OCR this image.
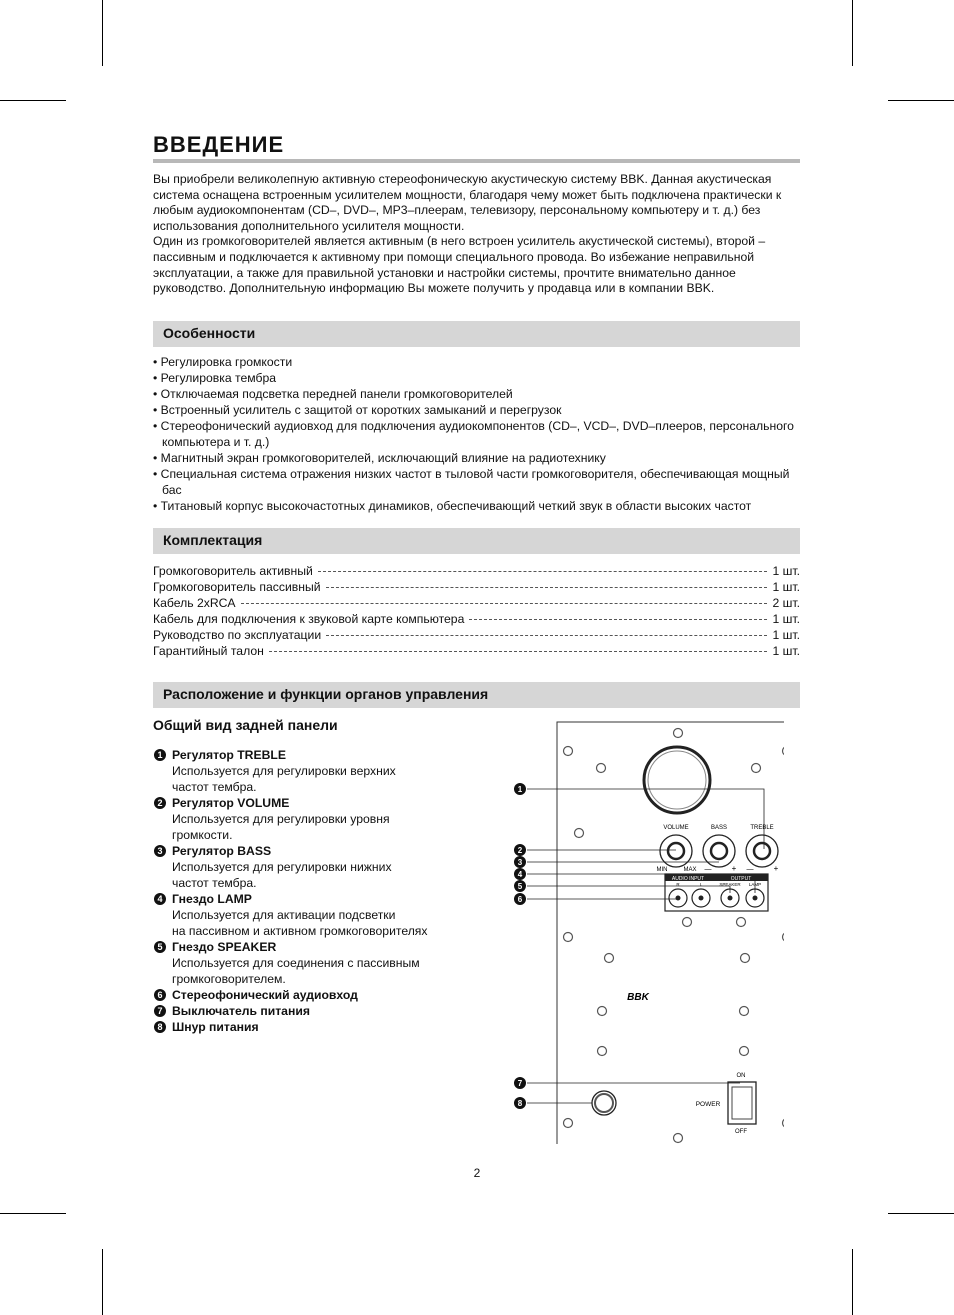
ВВЕДЕНИЕ

Вы приобрели великолепную активную стереофоническую акустическую систему BBK. Данная акустическая система оснащена встроенным усилителем мощности, благодаря чему может быть подключена практически к любым аудиокомпонентам (CD–, DVD–, MP3–плеерам, телевизору, персональному компьютеру и т. д.) без использования дополнительного усилителя мощности.

Один из громкоговорителей является активным (в него встроен усилитель акустической системы), второй – пассивным и подключается к активному при помощи специального провода. Во избежание неправильной эксплуатации, а также для правильной установки и настройки системы, прочтите внимательно данное руководство. Дополнительную информацию Вы можете получить у продавца или в компании BBK.

Особенности
• Регулировка громкости
• Регулировка тембра
• Отключаемая подсветка передней панели громкоговорителей
• Встроенный усилитель с защитой от коротких замыканий и перегрузок
• Стереофонический аудиовход для подключения аудиокомпонентов (CD–, VCD–, DVD–плееров, персонального компьютера и т. д.)
• Магнитный экран громкоговорителей, исключающий влияние на радиотехнику
• Специальная система отражения низких частот в тыловой части громкоговорителя, обеспечивающая мощный бас
• Титановый корпус высокочастотных динамиков, обеспечивающий четкий звук в области высоких частот
Комплектация
Громкоговоритель активный	1 шт.
Громкоговоритель пассивный	1 шт.
Кабель 2xRCA	2 шт.
Кабель для подключения к звуковой карте компьютера	1 шт.
Руководство по эксплуатации	1 шт.
Гарантийный талон	1 шт.
Расположение и функции органов управления
Общий вид задней панели
1 Регулятор TREBLE
Используется для регулировки верхних
частот тембра.
2 Регулятор VOLUME
Используется для регулировки уровня
громкости.
3 Регулятор BASS
Используется для регулировки нижних
частот тембра.
4 Гнездо LAMP
Используется для активации подсветки
на пассивном и активном громкоговорителях
5 Гнездо SPEAKER
Используется для соединения с пассивным
громкоговорителем.
6 Стереофонический аудиовход
7 Выключатель питания
8 Шнур питания
VOLUME	BASS	TREBLE
MIN	MAX —	+ —	+
AUDIO INPUT	OUTPUT
R	L	SPEAKER LAMP
BBK
ON
POWER
OFF
1
2
3
4
5
6
7
8
2
